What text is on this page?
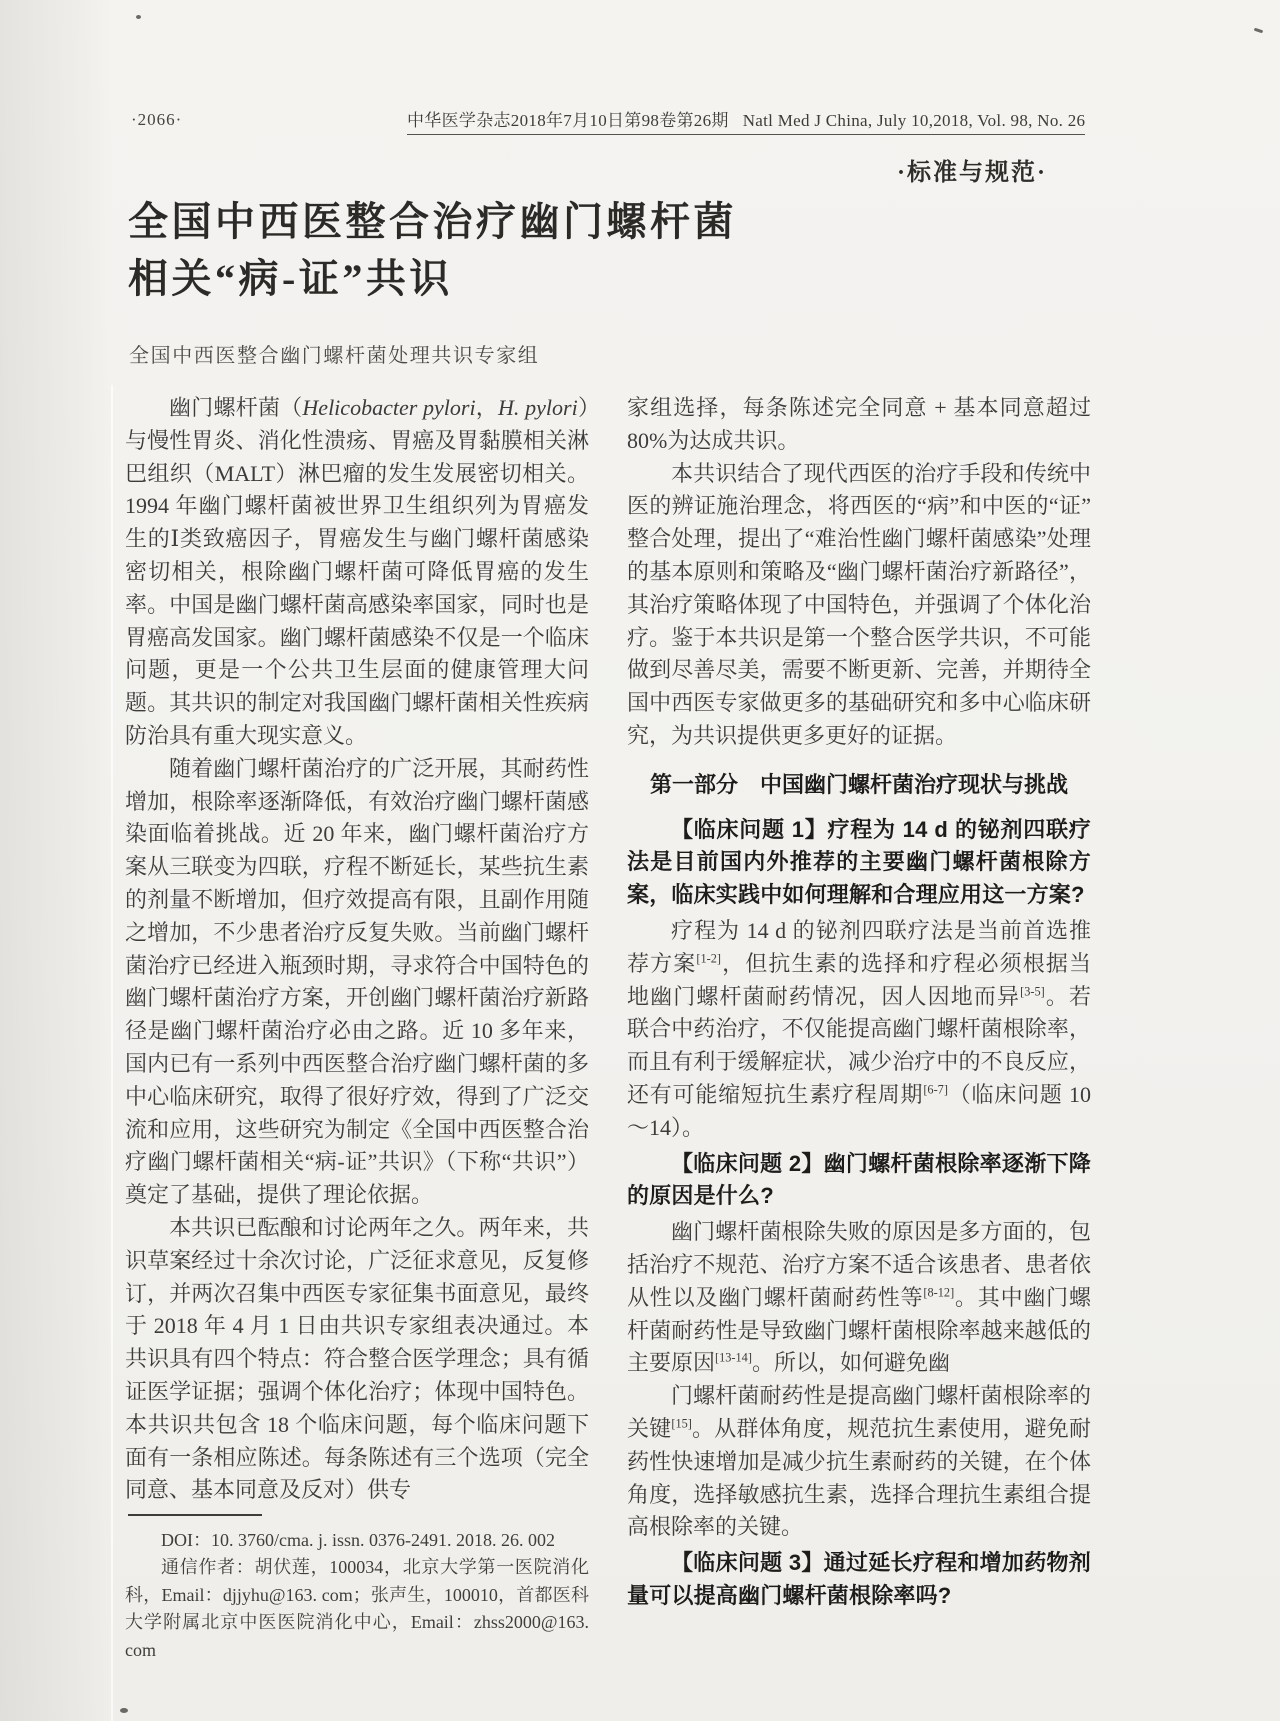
·2066·	中华医学杂志2018年7月10日第98卷第26期 Natl Med J China, July 10,2018, Vol. 98, No. 26
·标准与规范·
全国中西医整合治疗幽门螺杆菌
相关“病-证”共识
全国中西医整合幽门螺杆菌处理共识专家组

幽门螺杆菌（Helicobacter pylori，H. pylori）与慢性胃炎、消化性溃疡、胃癌及胃黏膜相关淋巴组织（MALT）淋巴瘤的发生发展密切相关。1994 年幽门螺杆菌被世界卫生组织列为胃癌发生的Ⅰ类致癌因子，胃癌发生与幽门螺杆菌感染密切相关，根除幽门螺杆菌可降低胃癌的发生率。中国是幽门螺杆菌高感染率国家，同时也是胃癌高发国家。幽门螺杆菌感染不仅是一个临床问题，更是一个公共卫生层面的健康管理大问题。其共识的制定对我国幽门螺杆菌相关性疾病防治具有重大现实意义。

随着幽门螺杆菌治疗的广泛开展，其耐药性增加，根除率逐渐降低，有效治疗幽门螺杆菌感染面临着挑战。近 20 年来，幽门螺杆菌治疗方案从三联变为四联，疗程不断延长，某些抗生素的剂量不断增加，但疗效提高有限，且副作用随之增加，不少患者治疗反复失败。当前幽门螺杆菌治疗已经进入瓶颈时期，寻求符合中国特色的幽门螺杆菌治疗方案，开创幽门螺杆菌治疗新路径是幽门螺杆菌治疗必由之路。近 10 多年来，国内已有一系列中西医整合治疗幽门螺杆菌的多中心临床研究，取得了很好疗效，得到了广泛交流和应用，这些研究为制定《全国中西医整合治疗幽门螺杆菌相关“病-证”共识》（下称“共识”）奠定了基础，提供了理论依据。

本共识已酝酿和讨论两年之久。两年来，共识草案经过十余次讨论，广泛征求意见，反复修订，并两次召集中西医专家征集书面意见，最终于 2018 年 4 月 1 日由共识专家组表决通过。本共识具有四个特点：符合整合医学理念；具有循证医学证据；强调个体化治疗；体现中国特色。本共识共包含 18 个临床问题，每个临床问题下面有一条相应陈述。每条陈述有三个选项（完全同意、基本同意及反对）供专

DOI：10. 3760/cma. j. issn. 0376-2491. 2018. 26. 002

通信作者：胡伏莲，100034，北京大学第一医院消化科，Email：djjyhu@163. com；张声生，100010，首都医科大学附属北京中医医院消化中心，Email：zhss2000@163. com

家组选择，每条陈述完全同意 + 基本同意超过 80%为达成共识。

本共识结合了现代西医的治疗手段和传统中医的辨证施治理念，将西医的“病”和中医的“证”整合处理，提出了“难治性幽门螺杆菌感染”处理的基本原则和策略及“幽门螺杆菌治疗新路径”，其治疗策略体现了中国特色，并强调了个体化治疗。鉴于本共识是第一个整合医学共识，不可能做到尽善尽美，需要不断更新、完善，并期待全国中西医专家做更多的基础研究和多中心临床研究，为共识提供更多更好的证据。

第一部分　中国幽门螺杆菌治疗现状与挑战

【临床问题 1】疗程为 14 d 的铋剂四联疗法是目前国内外推荐的主要幽门螺杆菌根除方案，临床实践中如何理解和合理应用这一方案?

疗程为 14 d 的铋剂四联疗法是当前首选推荐方案[1-2]，但抗生素的选择和疗程必须根据当地幽门螺杆菌耐药情况，因人因地而异[3-5]。若联合中药治疗，不仅能提高幽门螺杆菌根除率，而且有利于缓解症状，减少治疗中的不良反应，还有可能缩短抗生素疗程周期[6-7]（临床问题 10～14）。

【临床问题 2】幽门螺杆菌根除率逐渐下降的原因是什么?

幽门螺杆菌根除失败的原因是多方面的，包括治疗不规范、治疗方案不适合该患者、患者依从性以及幽门螺杆菌耐药性等[8-12]。其中幽门螺杆菌耐药性是导致幽门螺杆菌根除率越来越低的主要原因[13-14]。所以，如何避免幽

门螺杆菌耐药性是提高幽门螺杆菌根除率的关键[15]。从群体角度，规范抗生素使用，避免耐药性快速增加是减少抗生素耐药的关键，在个体角度，选择敏感抗生素，选择合理抗生素组合提高根除率的关键。

【临床问题 3】通过延长疗程和增加药物剂量可以提高幽门螺杆菌根除率吗?
